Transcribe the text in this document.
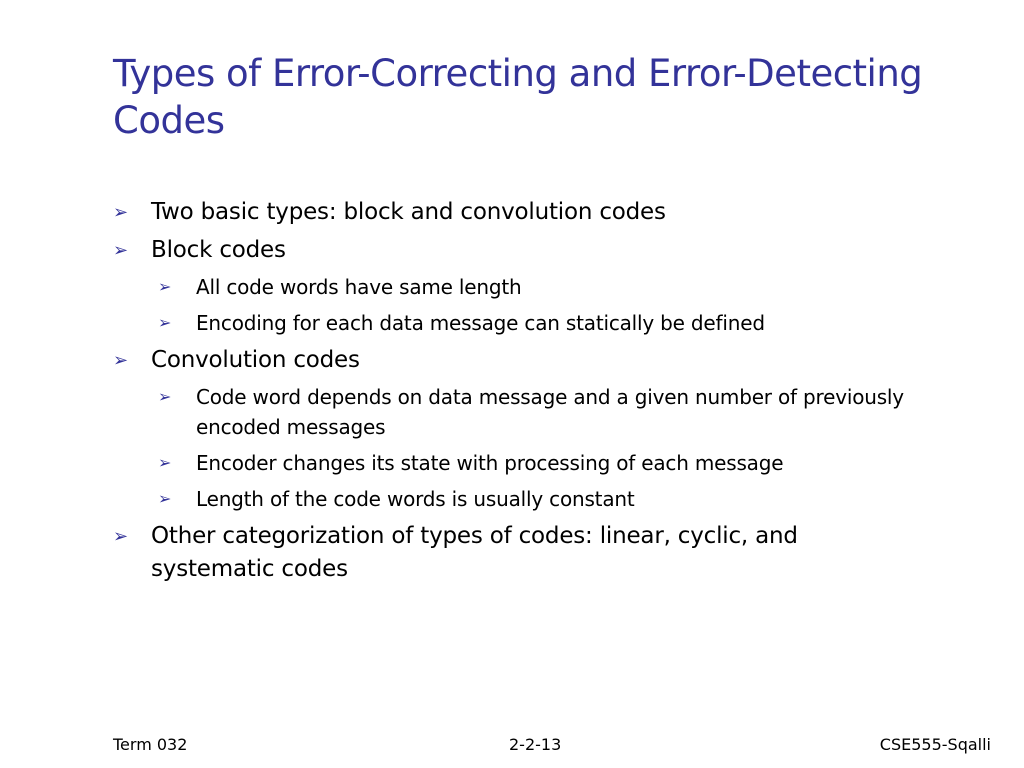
Types of Error-Correcting and Error-Detecting Codes
➢ Two basic types: block and convolution codes
➢ Block codes
➢ All code words have same length
➢ Encoding for each data message can statically be defined
➢ Convolution codes
➢ Code word depends on data message and a given number of previously encoded messages
➢ Encoder changes its state with processing of each message
➢ Length of the code words is usually constant
➢ Other categorization of types of codes: linear, cyclic, and systematic codes
Term 032	2-2-13	CSE555-Sqalli
